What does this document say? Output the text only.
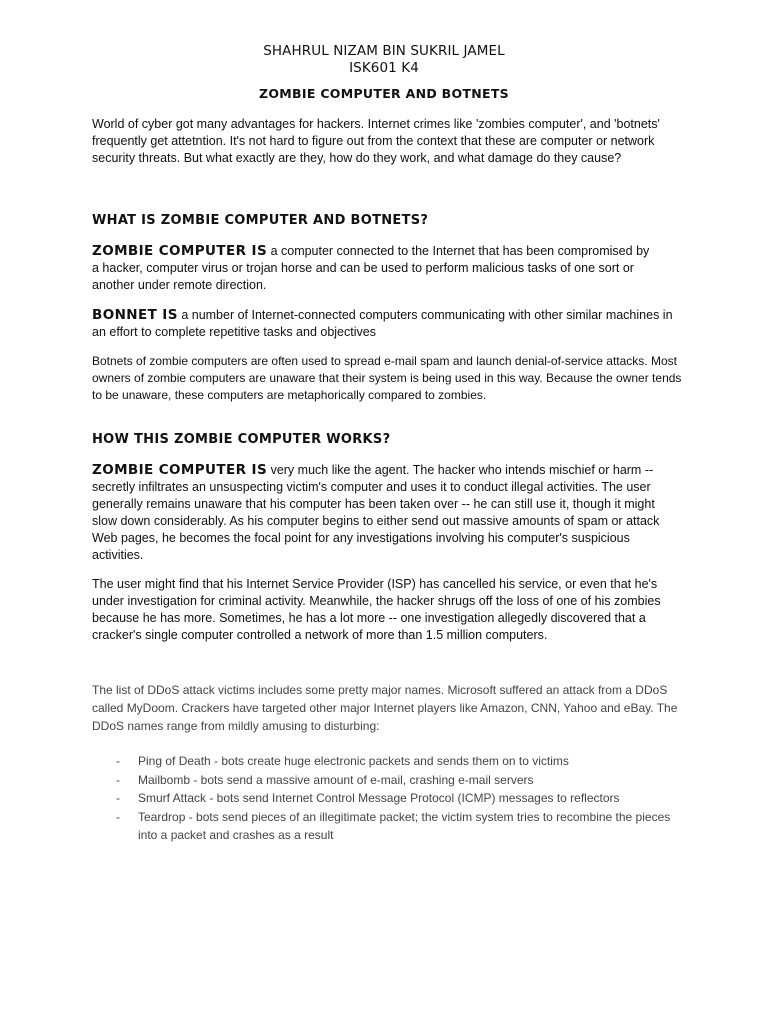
SHAHRUL NIZAM BIN SUKRIL JAMEL
ISK601 K4
ZOMBIE COMPUTER AND BOTNETS

World of cyber got many advantages for hackers. Internet crimes like 'zombies computer', and 'botnets' frequently get attetntion. It's not hard to figure out from the context that these are computer or network security threats. But what exactly are they, how do they work, and what damage do they cause?

WHAT IS ZOMBIE COMPUTER AND BOTNETS?

ZOMBIE COMPUTER IS a computer connected to the Internet that has been compromised by a hacker, computer virus or trojan horse and can be used to perform malicious tasks of one sort or another under remote direction.

BONNET IS a number of Internet-connected computers communicating with other similar machines in an effort to complete repetitive tasks and objectives

Botnets of zombie computers are often used to spread e-mail spam and launch denial-of-service attacks. Most owners of zombie computers are unaware that their system is being used in this way. Because the owner tends to be unaware, these computers are metaphorically compared to zombies.

HOW THIS ZOMBIE COMPUTER WORKS?

ZOMBIE COMPUTER IS very much like the agent. The hacker who intends mischief or harm -- secretly infiltrates an unsuspecting victim's computer and uses it to conduct illegal activities. The user generally remains unaware that his computer has been taken over -- he can still use it, though it might slow down considerably. As his computer begins to either send out massive amounts of spam or attack Web pages, he becomes the focal point for any investigations involving his computer's suspicious activities.

The user might find that his Internet Service Provider (ISP) has cancelled his service, or even that he's under investigation for criminal activity. Meanwhile, the hacker shrugs off the loss of one of his zombies because he has more. Sometimes, he has a lot more -- one investigation allegedly discovered that a cracker's single computer controlled a network of more than 1.5 million computers.

The list of DDoS attack victims includes some pretty major names. Microsoft suffered an attack from a DDoS called MyDoom. Crackers have targeted other major Internet players like Amazon, CNN, Yahoo and eBay. The DDoS names range from mildly amusing to disturbing:

- Ping of Death - bots create huge electronic packets and sends them on to victims
- Mailbomb - bots send a massive amount of e-mail, crashing e-mail servers
- Smurf Attack - bots send Internet Control Message Protocol (ICMP) messages to reflectors
- Teardrop - bots send pieces of an illegitimate packet; the victim system tries to recombine the pieces into a packet and crashes as a result
